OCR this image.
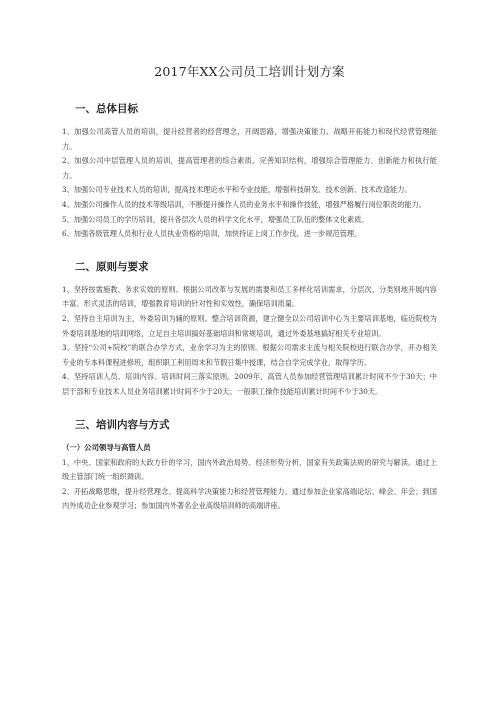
2017年XX公司员工培训计划方案
一、总体目标

1、加强公司高管人员的培训，提升经营者的经营理念，开阔思路，增强决策能力、战略开拓能力和现代经营管理能力。

2、加强公司中层管理人员的培训，提高管理者的综合素质，完善知识结构，增强综合管理能力、创新能力和执行能力。

3、加强公司专业技术人员的培训，提高技术理论水平和专业技能，增强科技研发、技术创新、技术改造能力。

4、加强公司操作人员的技术等级培训，不断提升操作人员的业务水平和操作技能，增强严格履行岗位职责的能力。

5、加强公司员工的学历培训，提升各层次人员的科学文化水平，增强员工队伍的整体文化素质。

6、加强各级管理人员和行业人员执业资格的培训，加快持证上岗工作步伐，进一步规范管理。

二、原则与要求

1、坚持按需施教、务求实效的原则。根据公司改革与发展的需要和员工多样化培训需求，分层次、分类别地开展内容丰富、形式灵活的培训，增强教育培训的针对性和实效性，确保培训质量。

2、坚持自主培训为主，外委培训为辅的原则。整合培训资源，建立健全以公司培训中心为主要培训基地，临近院校为外委培训基地的培训网络，立足自主培训搞好基础培训和常规培训，通过外委基地搞好相关专业培训。

3、坚持“公司+院校”的联合办学方式，业余学习为主的原则。根据公司需求主流与相关院校进行联合办学，开办相关专业的专本科课程进修班，组织职工利用周末和节假日集中授课，结合自学完成学业，取得学历。

4、坚持培训人员、培训内容、培训时间三落实原则。2009年，高管人员参加经营管理培训累计时间不少于30天；中层干部和专业技术人员业务培训累计时间不少于20天；一般职工操作技能培训累计时间不少于30天。

三、培训内容与方式
（一）公司领导与高管人员

1、中央、国家和政府的大政方针的学习，国内外政治局势、经济形势分析，国家有关政策法规的研究与解读。通过上级主管部门统一组织调训。

2、开拓战略思维，提升经营理念、提高科学决策能力和经营管理能力。通过参加企业家高端论坛、峰会、年会；到国内外成功企业参观学习；参加国内外著名企业高级培训师的高端讲座。
